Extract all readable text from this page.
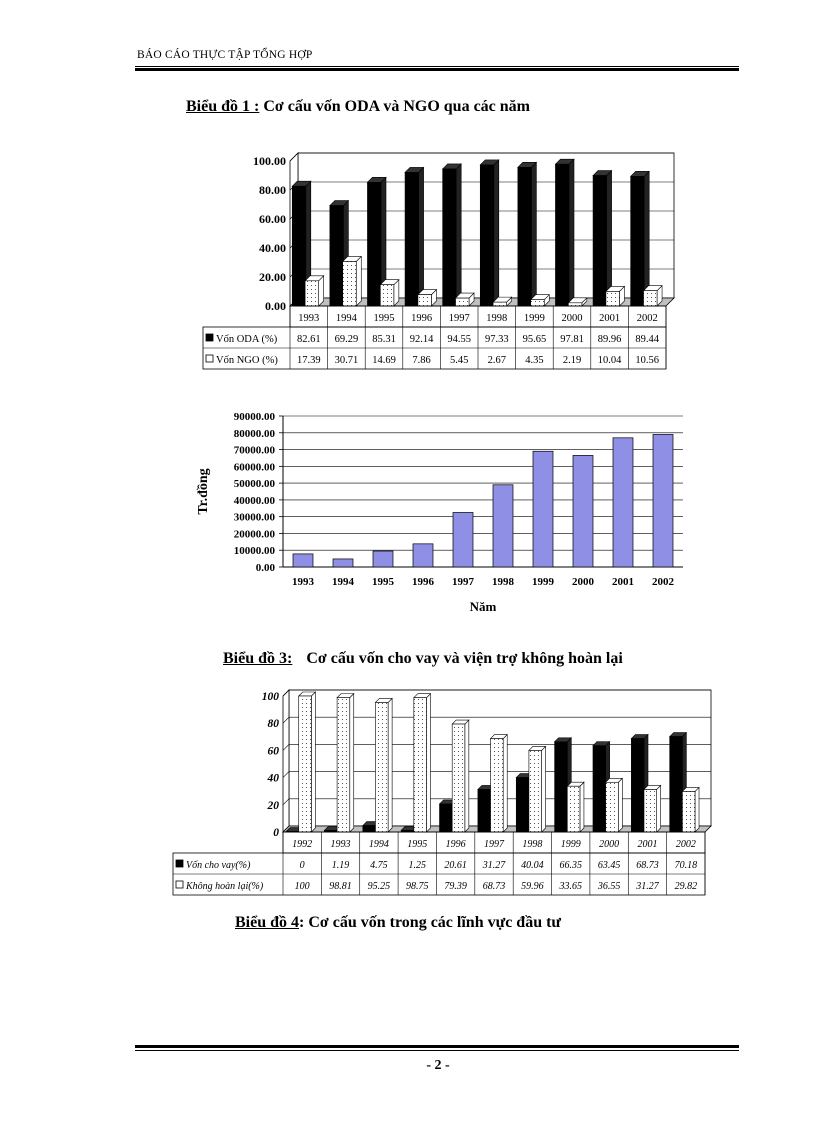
BÁO CÁO THỰC TẬP TỔNG HỢP
Biểu đồ 1 : Cơ cấu vốn ODA và NGO qua các năm
0.00
20.00
40.00
60.00
80.00
100.00
1993 1994 1995 1996 1997 1998 1999 2000 2001 2002
Vốn ODA (%) 82.61 69.29 85.31 92.14 94.55 97.33 95.65 97.81 89.96 89.44
Vốn NGO (%) 17.39 30.71 14.69 7.86 5.45 2.67 4.35 2.19 10.04 10.56
0.00
10000.00
20000.00
30000.00
40000.00
50000.00
60000.00
70000.00
80000.00
90000.00
1993 1994 1995 1996 1997 1998 1999 2000 2001 2002
Năm
Tr.đồng
Biểu đồ 3: Cơ cấu vốn cho vay và viện trợ không hoàn lại
0
20
40
60
80
100
1992 1993 1994 1995 1996 1997 1998 1999 2000 2001 2002
Vốn cho vay(%)	0	1.19 4.75 1.25 20.61 31.27 40.04 66.35 63.45 68.73 70.18
Không hoàn lại(%)	100 98.81 95.25 98.75 79.39 68.73 59.96 33.65 36.55 31.27 29.82
Biểu đồ 4: Cơ cấu vốn trong các lĩnh vực đầu tư
- 2 -
